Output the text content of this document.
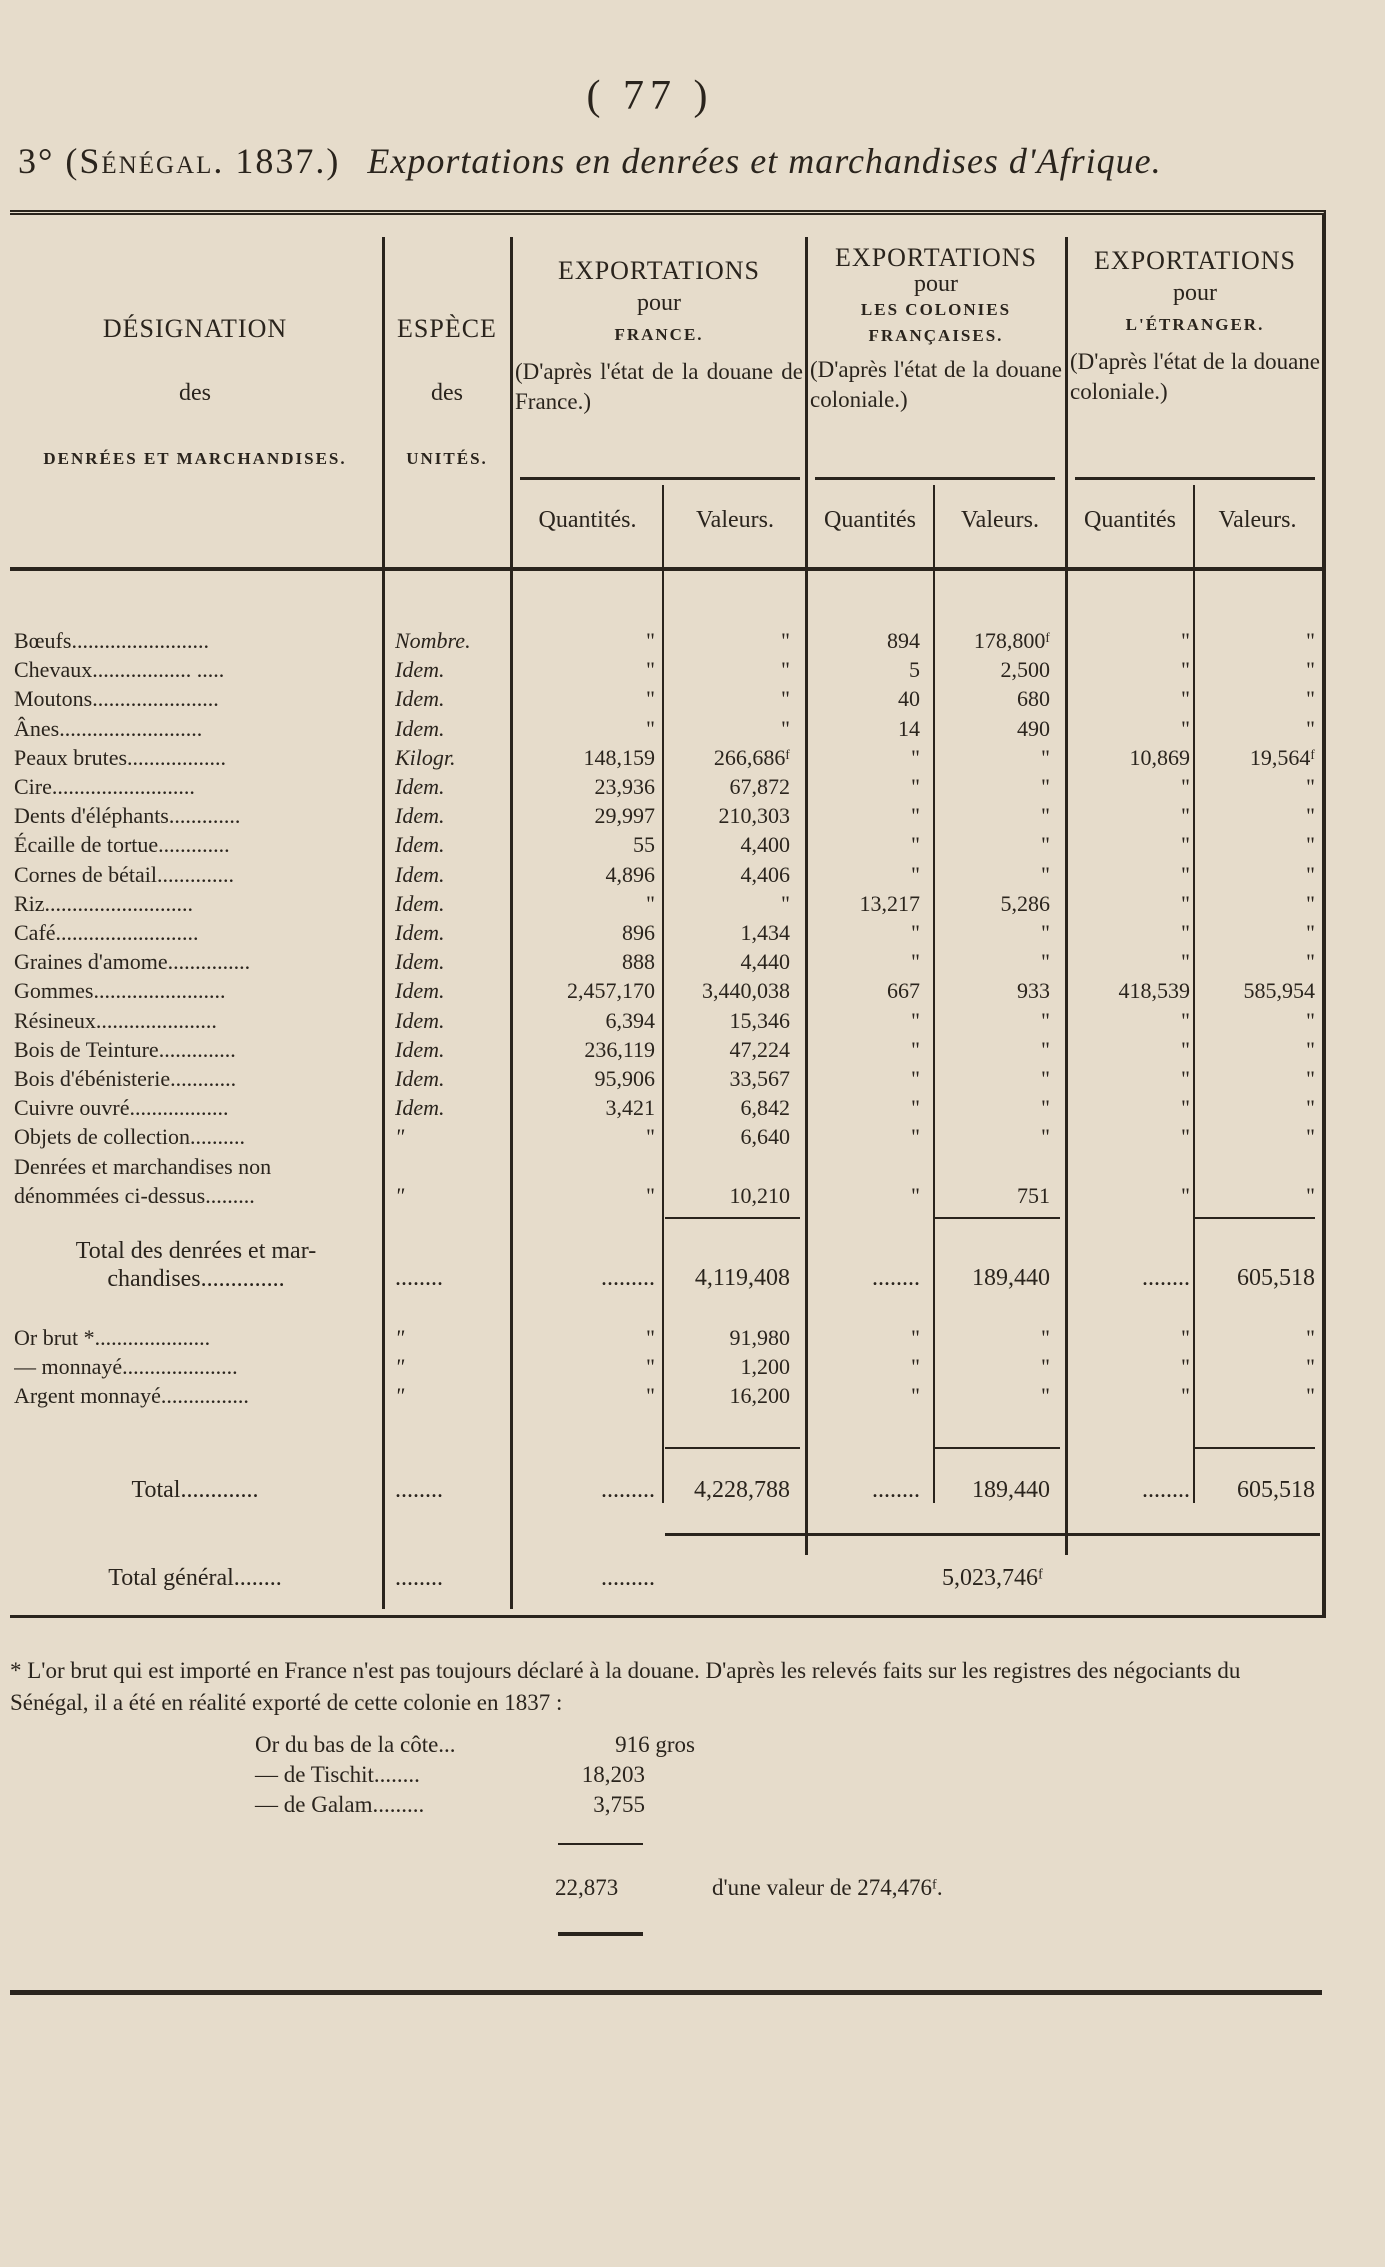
( 77 )
3° (Sénégal. 1837.) Exportations en denrées et marchandises d'Afrique.
DÉSIGNATION
des
DENRÉES ET MARCHANDISES.
ESPÈCE
des
UNITÉS.
EXPORTATIONS
pour
FRANCE.
(D'après l'état de la douane de France.)
EXPORTATIONS
pour
LES COLONIES
FRANÇAISES.
(D'après l'état de la douane coloniale.)
EXPORTATIONS
pour
L'ÉTRANGER.
(D'après l'état de la douane coloniale.)
Quantités.	Valeurs.	Quantités	Valeurs.	Quantités	Valeurs.
Bœufs.........................	Nombre.	"	"	894	178,800ᶠ	"	"
Chevaux.................. .....	Idem.	"	"	5	2,500	"	"
Moutons.......................	Idem.	"	"	40	680	"	"
Ânes..........................	Idem.	"	"	14	490	"	"
Peaux brutes..................	Kilogr.	148,159	266,686ᶠ	"	"	10,869	19,564ᶠ
Cire..........................	Idem.	23,936	67,872	"	"	"	"
Dents d'éléphants.............	Idem.	29,997	210,303	"	"	"	"
Écaille de tortue.............	Idem.	55	4,400	"	"	"	"
Cornes de bétail..............	Idem.	4,896	4,406	"	"	"	"
Riz...........................	Idem.	"	"	13,217	5,286	"	"
Café..........................	Idem.	896	1,434	"	"	"	"
Graines d'amome...............	Idem.	888	4,440	"	"	"	"
Gommes........................	Idem.	2,457,170	3,440,038	667	933	418,539	585,954
Résineux......................	Idem.	6,394	15,346	"	"	"	"
Bois de Teinture..............	Idem.	236,119	47,224	"	"	"	"
Bois d'ébénisterie............	Idem.	95,906	33,567	"	"	"	"
Cuivre ouvré..................	Idem.	3,421	6,842	"	"	"	"
Objets de collection..........	"	"	6,640	"	"	"	"
Denrées et marchandises non
dénommées ci-dessus.........	"	"	10,210	"	751	"	"
Total des denrées et mar-
chandises..............	........	.........	4,119,408	........	189,440	........	605,518
Or brut *.....................	"	"	91,980	"	"	"	"
— monnayé.....................	"	"	1,200	"	"	"	"
Argent monnayé................	"	"	16,200	"	"	"	"
Total.............	........	.........	4,228,788	........	189,440	........	605,518
Total général........	........	.........	5,023,746ᶠ
* L'or brut qui est importé en France n'est pas toujours déclaré à la douane. D'après les relevés faits sur les registres des négociants du Sénégal, il a été en réalité exporté de cette colonie en 1837 :
Or du bas de la côte...	916 gros
— de Tischit........	18,203
— de Galam.........	3,755
22,873	d'une valeur de 274,476ᶠ.
